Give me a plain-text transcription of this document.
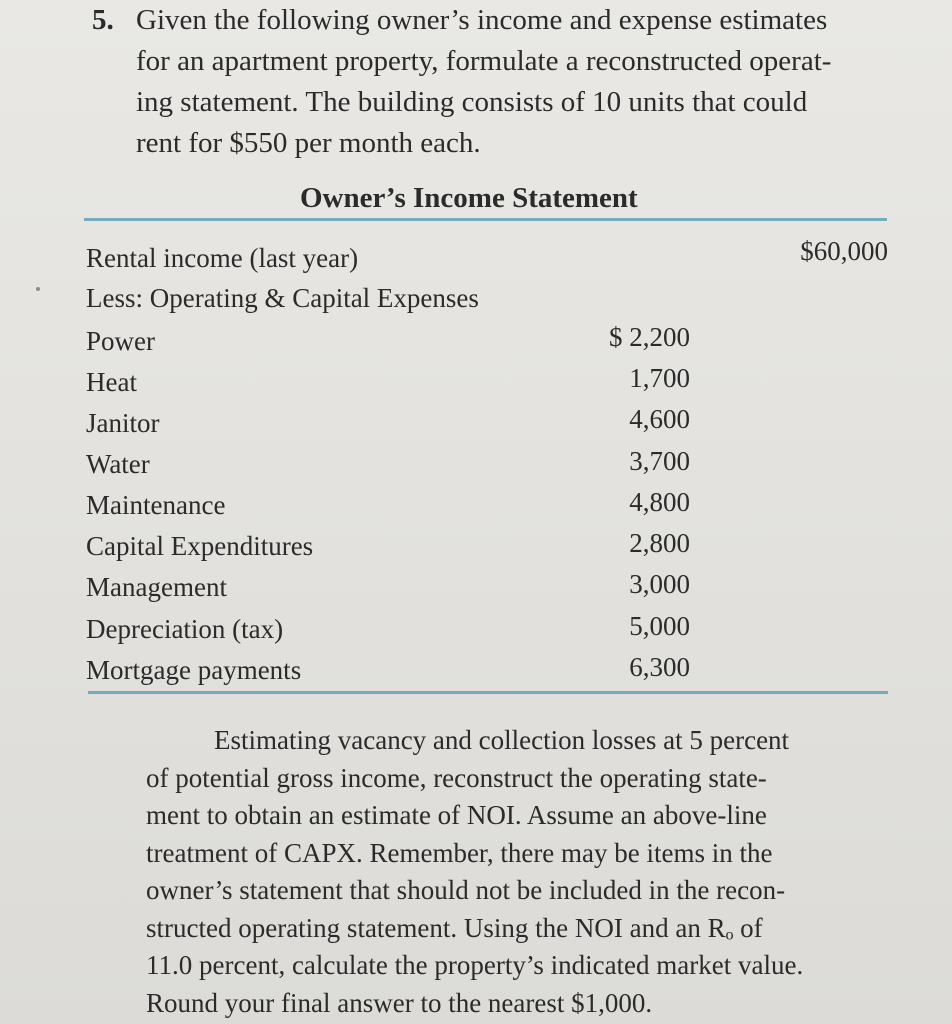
5. Given the following owner’s income and expense estimates
for an apartment property, formulate a reconstructed operat-
ing statement. The building consists of 10 units that could
rent for $550 per month each.
Owner’s Income Statement
Rental income (last year)	$60,000
Less: Operating & Capital Expenses
Power	$ 2,200
Heat	1,700
Janitor	4,600
Water	3,700
Maintenance	4,800
Capital Expenditures	2,800
Management	3,000
Depreciation (tax)	5,000
Mortgage payments	6,300
Estimating vacancy and collection losses at 5 percent
of potential gross income, reconstruct the operating state-
ment to obtain an estimate of NOI. Assume an above-line
treatment of CAPX. Remember, there may be items in the
owner’s statement that should not be included in the recon-
structed operating statement. Using the NOI and an Rₒ of
11.0 percent, calculate the property’s indicated market value.
Round your final answer to the nearest $1,000.
